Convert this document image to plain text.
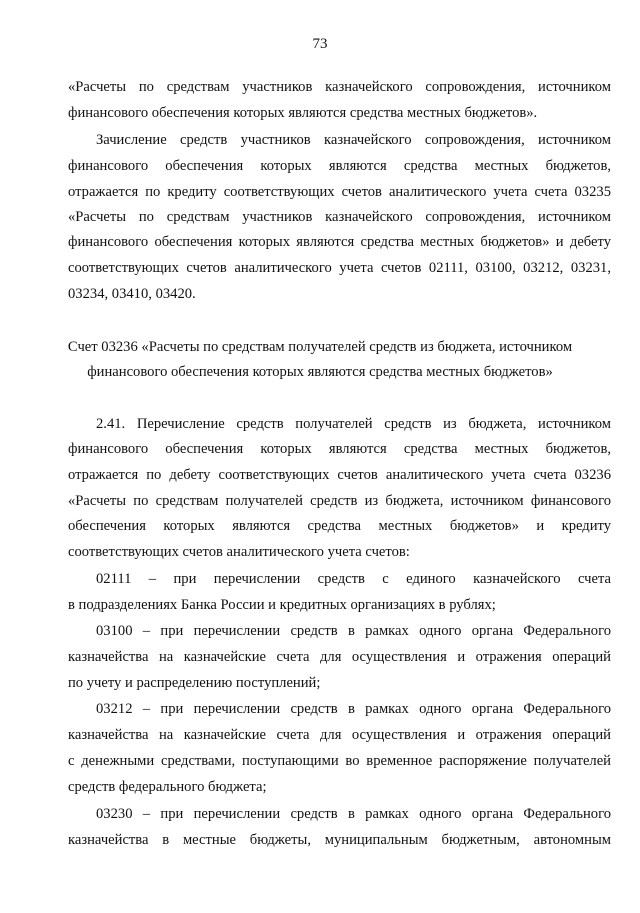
73
«Расчеты по средствам участников казначейского сопровождения, источником
финансового обеспечения которых являются средства местных бюджетов».
Зачисление средств участников казначейского сопровождения, источником
финансового обеспечения которых являются средства местных бюджетов,
отражается по кредиту соответствующих счетов аналитического учета счета 03235
«Расчеты по средствам участников казначейского сопровождения, источником
финансового обеспечения которых являются средства местных бюджетов» и дебету
соответствующих счетов аналитического учета счетов 02111, 03100, 03212, 03231,
03234, 03410, 03420.
Счет 03236 «Расчеты по средствам получателей средств из бюджета, источником
финансового обеспечения которых являются средства местных бюджетов»
2.41. Перечисление средств получателей средств из бюджета, источником
финансового обеспечения которых являются средства местных бюджетов,
отражается по дебету соответствующих счетов аналитического учета счета 03236
«Расчеты по средствам получателей средств из бюджета, источником финансового
обеспечения которых являются средства местных бюджетов» и кредиту
соответствующих счетов аналитического учета счетов:
02111 – при перечислении средств с единого казначейского счета
в подразделениях Банка России и кредитных организациях в рублях;
03100 – при перечислении средств в рамках одного органа Федерального
казначейства на казначейские счета для осуществления и отражения операций
по учету и распределению поступлений;
03212 – при перечислении средств в рамках одного органа Федерального
казначейства на казначейские счета для осуществления и отражения операций
с денежными средствами, поступающими во временное распоряжение получателей
средств федерального бюджета;
03230 – при перечислении средств в рамках одного органа Федерального
казначейства в местные бюджеты, муниципальным бюджетным, автономным
